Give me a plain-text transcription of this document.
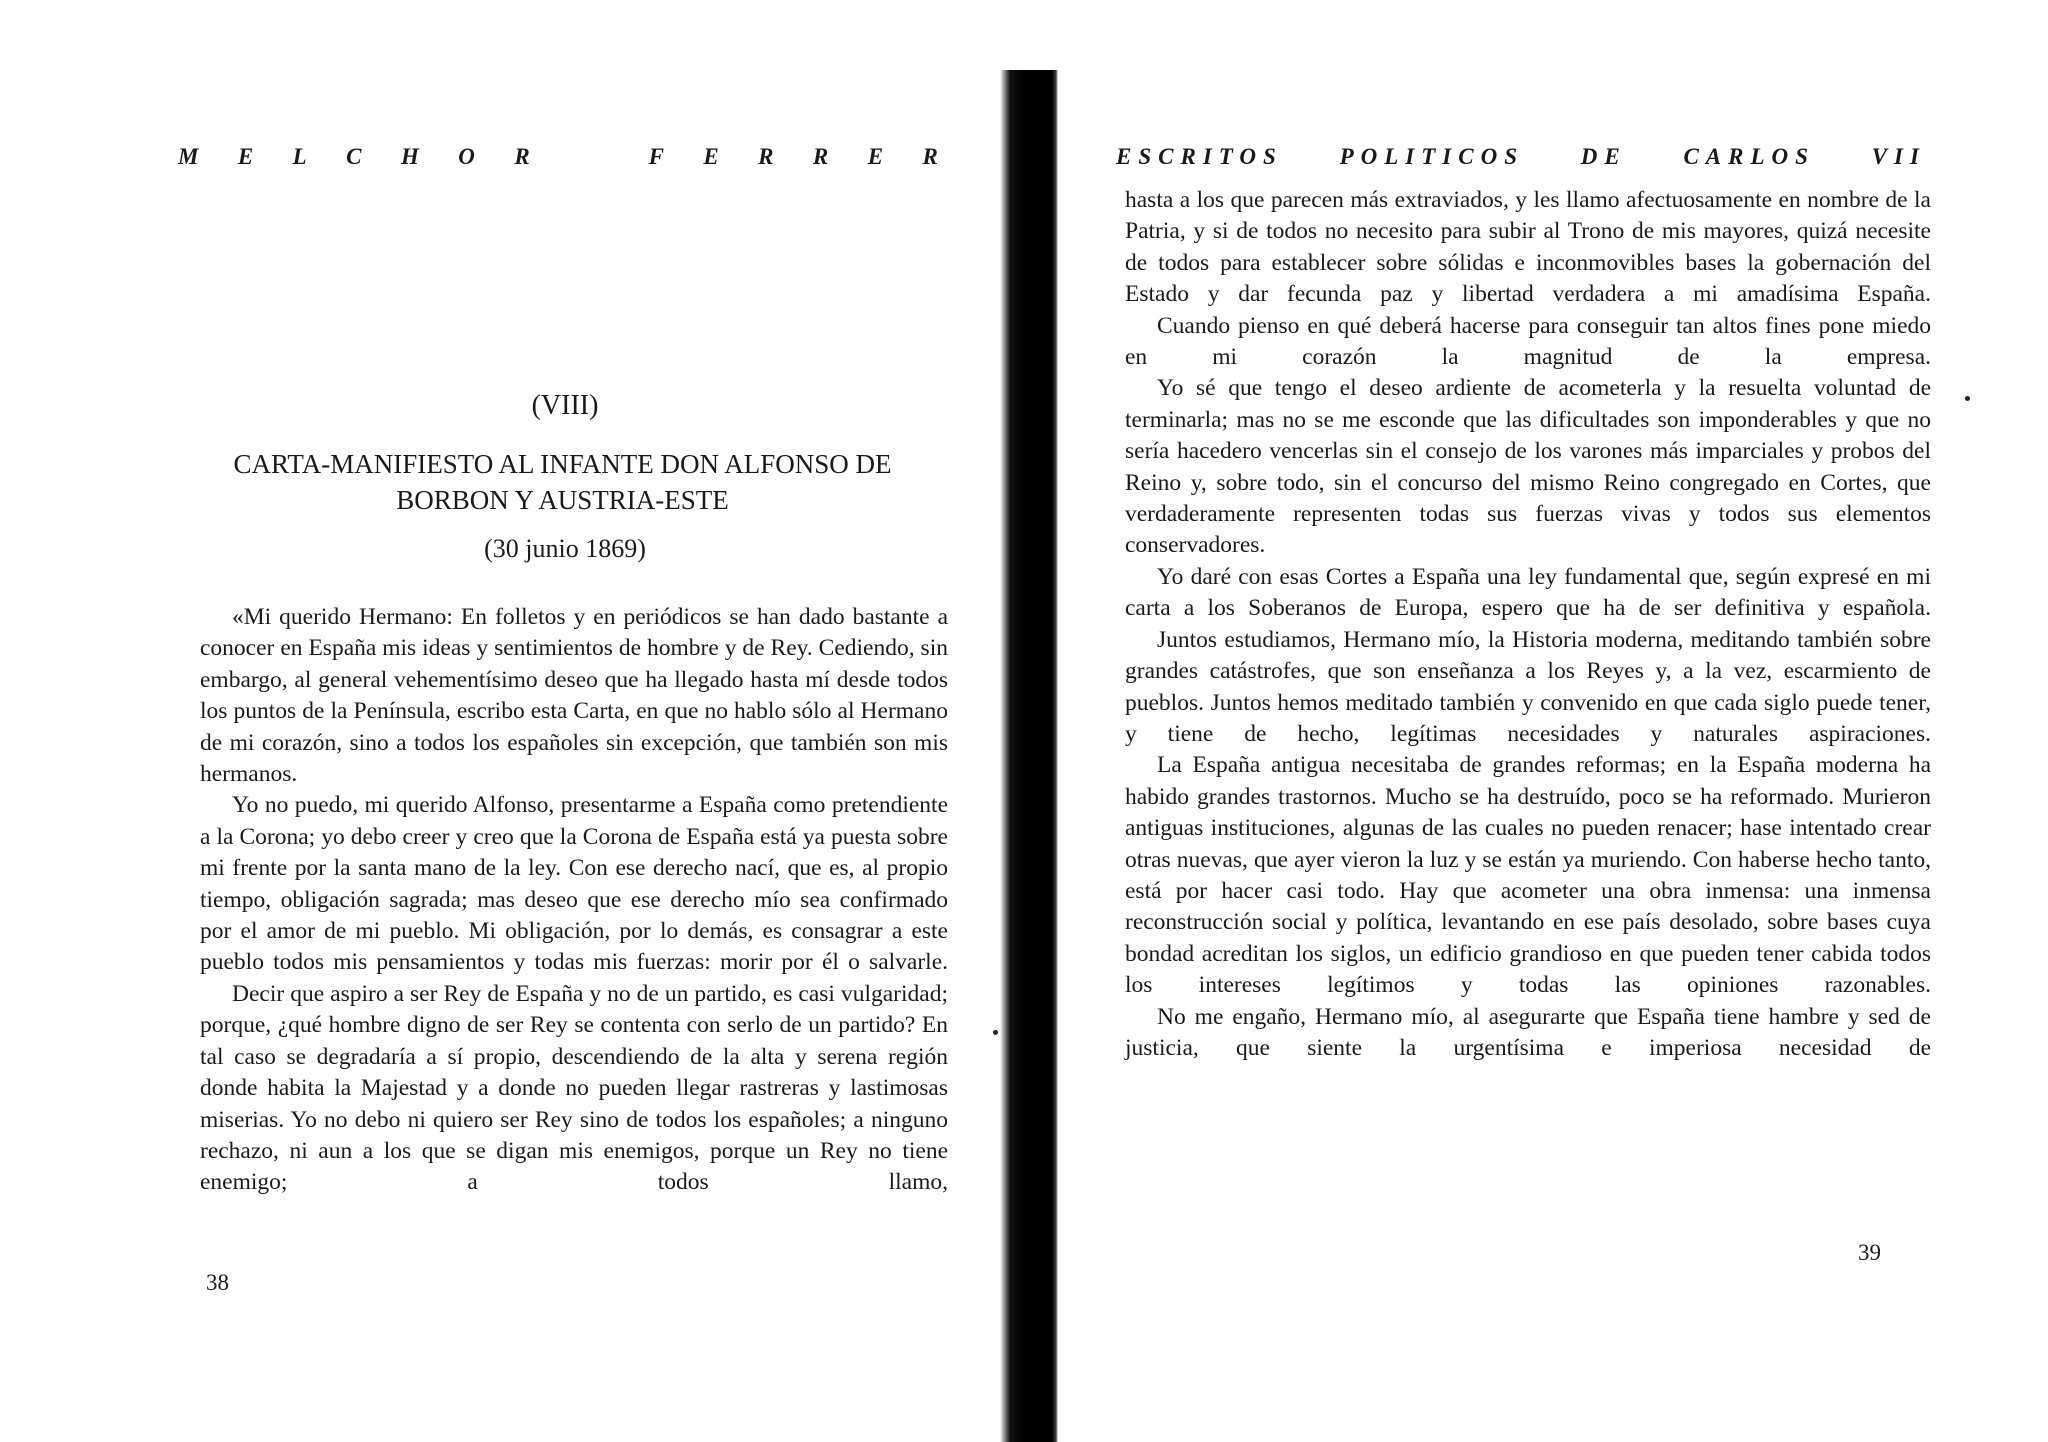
M E L C H O R	F E R R E R
(VIII)
CARTA-MANIFIESTO AL INFANTE DON ALFONSO DE BORBON Y AUSTRIA-ESTE

(30 junio 1869)

«Mi querido Hermano: En folletos y en periódicos se han dado bastante a conocer en España mis ideas y sentimientos de hombre y de Rey. Cediendo, sin embargo, al general vehementísimo deseo que ha llegado hasta mí desde todos los puntos de la Península, escribo esta Carta, en que no hablo sólo al Hermano de mi corazón, sino a todos los españoles sin excepción, que también son mis hermanos.

Yo no puedo, mi querido Alfonso, presentarme a España como pretendiente a la Corona; yo debo creer y creo que la Corona de España está ya puesta sobre mi frente por la santa mano de la ley. Con ese derecho nací, que es, al propio tiempo, obligación sagrada; mas deseo que ese derecho mío sea confirmado por el amor de mi pueblo. Mi obligación, por lo demás, es consagrar a este pueblo todos mis pensamientos y todas mis fuerzas: morir por él o salvarle.

Decir que aspiro a ser Rey de España y no de un partido, es casi vulgaridad; porque, ¿qué hombre digno de ser Rey se contenta con serlo de un partido? En tal caso se degradaría a sí propio, descendiendo de la alta y serena región donde habita la Majestad y a donde no pueden llegar rastreras y lastimosas miserias. Yo no debo ni quiero ser Rey sino de todos los españoles; a ninguno rechazo, ni aun a los que se digan mis enemigos, porque un Rey no tiene enemigo; a todos llamo,

38

ESCRITOS POLITICOS DE CARLOS VII

hasta a los que parecen más extraviados, y les llamo afectuosamente en nombre de la Patria, y si de todos no necesito para subir al Trono de mis mayores, quizá necesite de todos para establecer sobre sólidas e inconmovibles bases la gobernación del Estado y dar fecunda paz y libertad verdadera a mi amadísima España.

Cuando pienso en qué deberá hacerse para conseguir tan altos fines pone miedo en mi corazón la magnitud de la empresa.

Yo sé que tengo el deseo ardiente de acometerla y la resuelta voluntad de terminarla; mas no se me esconde que las dificultades son imponderables y que no sería hacedero vencerlas sin el consejo de los varones más imparciales y probos del Reino y, sobre todo, sin el concurso del mismo Reino congregado en Cortes, que verdaderamente representen todas sus fuerzas vivas y todos sus elementos conservadores.

Yo daré con esas Cortes a España una ley fundamental que, según expresé en mi carta a los Soberanos de Europa, espero que ha de ser definitiva y española.

Juntos estudiamos, Hermano mío, la Historia moderna, meditando también sobre grandes catástrofes, que son enseñanza a los Reyes y, a la vez, escarmiento de pueblos. Juntos hemos meditado también y convenido en que cada siglo puede tener, y tiene de hecho, legítimas necesidades y naturales aspiraciones.

La España antigua necesitaba de grandes reformas; en la España moderna ha habido grandes trastornos. Mucho se ha destruído, poco se ha reformado. Murieron antiguas instituciones, algunas de las cuales no pueden renacer; hase intentado crear otras nuevas, que ayer vieron la luz y se están ya muriendo. Con haberse hecho tanto, está por hacer casi todo. Hay que acometer una obra inmensa: una inmensa reconstrucción social y política, levantando en ese país desolado, sobre bases cuya bondad acreditan los siglos, un edificio grandioso en que pueden tener cabida todos los intereses legítimos y todas las opiniones razonables.

No me engaño, Hermano mío, al asegurarte que España tiene hambre y sed de justicia, que siente la urgentísima e imperiosa necesidad de

39
